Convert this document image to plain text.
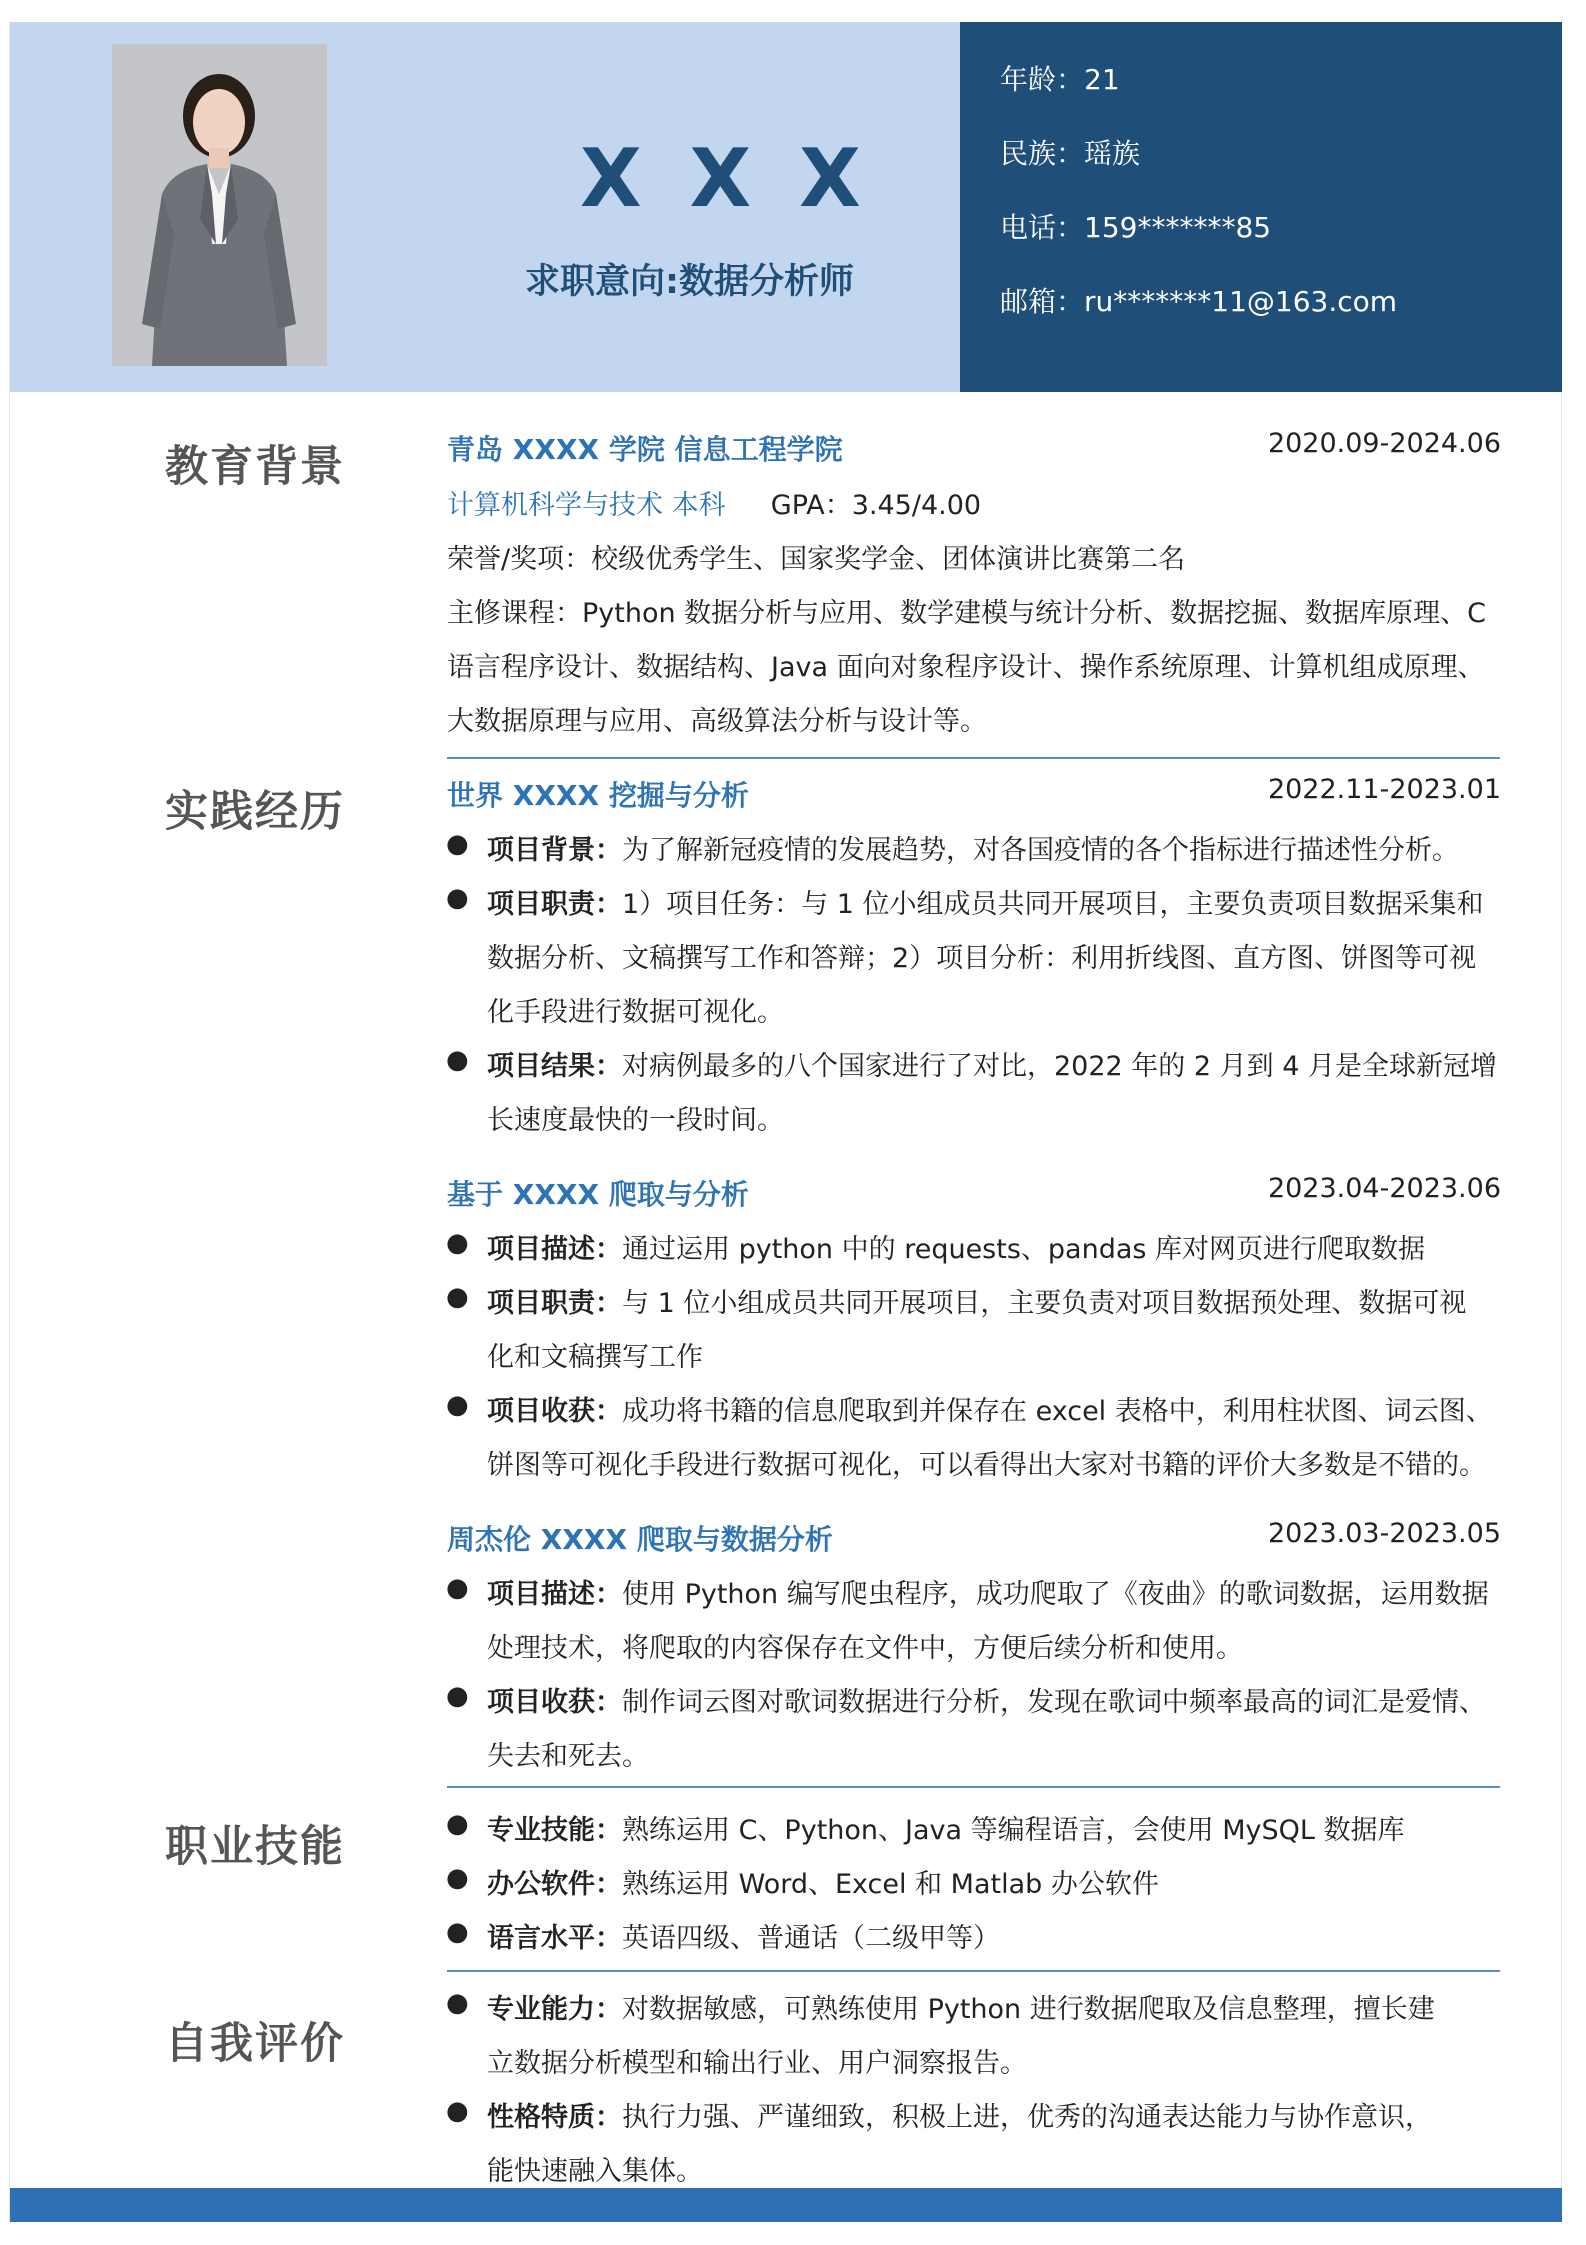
X X X
求职意向:数据分析师
年龄：21
民族：瑶族
电话：159*******85
邮箱：ru*******11@163.com
教育背景	青岛 XXXX 学院 信息工程学院	2020.09-2024.06
计算机科学与技术 本科 GPA：3.45/4.00
荣誉/奖项：校级优秀学生、国家奖学金、团体演讲比赛第二名
主修课程：Python 数据分析与应用、数学建模与统计分析、数据挖掘、数据库原理、C
语言程序设计、数据结构、Java 面向对象程序设计、操作系统原理、计算机组成原理、
大数据原理与应用、高级算法分析与设计等。
实践经历	世界 XXXX 挖掘与分析	2022.11-2023.01
● 项目背景：为了解新冠疫情的发展趋势，对各国疫情的各个指标进行描述性分析。
● 项目职责：1）项目任务：与 1 位小组成员共同开展项目，主要负责项目数据采集和
数据分析、文稿撰写工作和答辩；2）项目分析：利用折线图、直方图、饼图等可视
化手段进行数据可视化。
● 项目结果：对病例最多的八个国家进行了对比，2022 年的 2 月到 4 月是全球新冠增
长速度最快的一段时间。
基于 XXXX 爬取与分析	2023.04-2023.06
● 项目描述：通过运用 python 中的 requests、pandas 库对网页进行爬取数据
● 项目职责：与 1 位小组成员共同开展项目，主要负责对项目数据预处理、数据可视
化和文稿撰写工作
● 项目收获：成功将书籍的信息爬取到并保存在 excel 表格中，利用柱状图、词云图、
饼图等可视化手段进行数据可视化，可以看得出大家对书籍的评价大多数是不错的。
周杰伦 XXXX 爬取与数据分析	2023.03-2023.05
● 项目描述：使用 Python 编写爬虫程序，成功爬取了《夜曲》的歌词数据，运用数据
处理技术，将爬取的内容保存在文件中，方便后续分析和使用。
● 项目收获：制作词云图对歌词数据进行分析，发现在歌词中频率最高的词汇是爱情、
失去和死去。
职业技能	● 专业技能：熟练运用 C、Python、Java 等编程语言，会使用 MySQL 数据库
● 办公软件：熟练运用 Word、Excel 和 Matlab 办公软件
● 语言水平：英语四级、普通话（二级甲等）
自我评价
● 专业能力：对数据敏感，可熟练使用 Python 进行数据爬取及信息整理，擅长建
立数据分析模型和输出行业、用户洞察报告。
● 性格特质：执行力强、严谨细致，积极上进，优秀的沟通表达能力与协作意识，
能快速融入集体。
